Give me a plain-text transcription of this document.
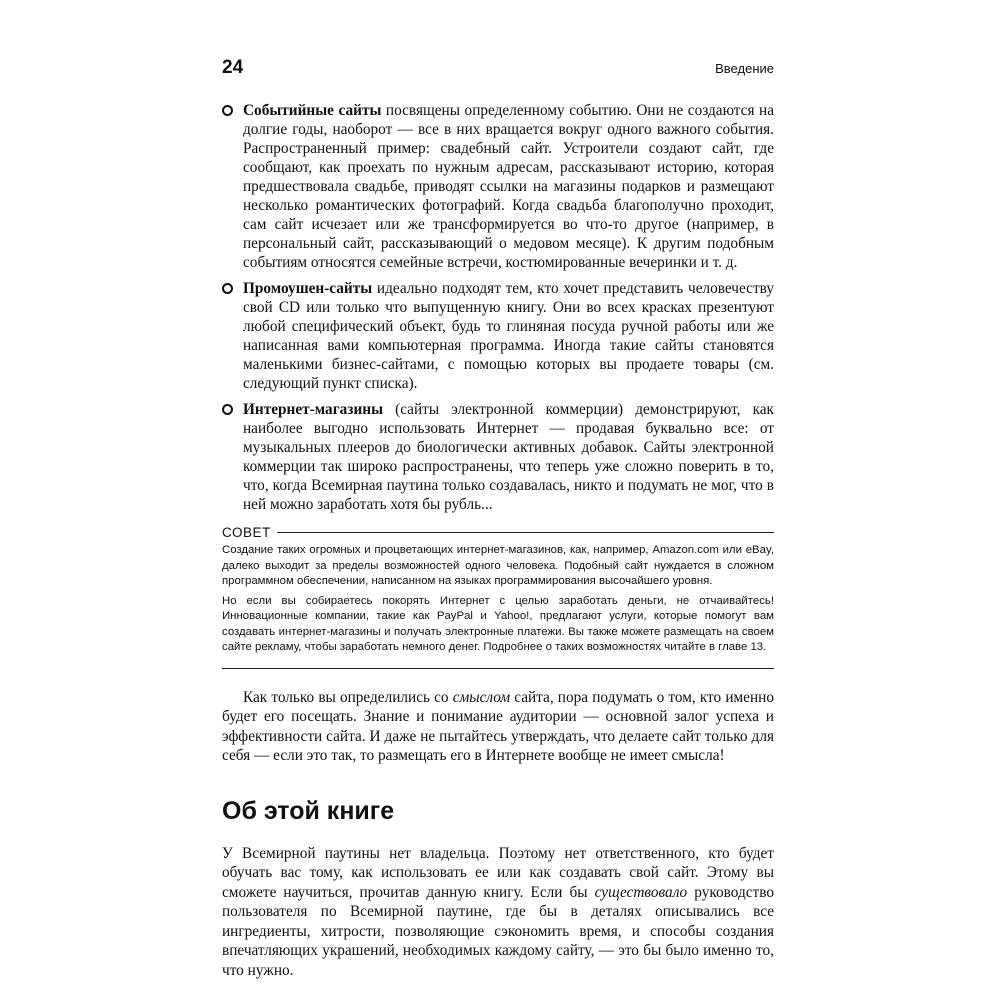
24	Введение
Событийные сайты посвящены определенному событию. Они не создаются на долгие годы, наоборот — все в них вращается вокруг одного важного события. Распространенный пример: свадебный сайт. Устроители создают сайт, где сообщают, как проехать по нужным адресам, рассказывают историю, которая предшествовала свадьбе, приводят ссылки на магазины подарков и размещают несколько романтических фотографий. Когда свадьба благополучно проходит, сам сайт исчезает или же трансформируется во что-то другое (например, в персональный сайт, рассказывающий о медовом месяце). К другим подобным событиям относятся семейные встречи, костюмированные вечеринки и т. д.
Промоушен-сайты идеально подходят тем, кто хочет представить человечеству свой CD или только что выпущенную книгу. Они во всех красках презентуют любой специфический объект, будь то глиняная посуда ручной работы или же написанная вами компьютерная программа. Иногда такие сайты становятся маленькими бизнес-сайтами, с помощью которых вы продаете товары (см. следующий пункт списка).
Интернет-магазины (сайты электронной коммерции) демонстрируют, как наиболее выгодно использовать Интернет — продавая буквально все: от музыкальных плееров до биологически активных добавок. Сайты электронной коммерции так широко распространены, что теперь уже сложно поверить в то, что, когда Всемирная паутина только создавалась, никто и подумать не мог, что в ней можно заработать хотя бы рубль...
СОВЕТ

Создание таких огромных и процветающих интернет-магазинов, как, например, Amazon.com или eBay, далеко выходит за пределы возможностей одного человека. Подобный сайт нуждается в сложном программном обеспечении, написанном на языках программирования высочайшего уровня.

Но если вы собираетесь покорять Интернет с целью заработать деньги, не отчаивайтесь! Инновационные компании, такие как PayPal и Yahoo!, предлагают услуги, которые помогут вам создавать интернет-магазины и получать электронные платежи. Вы также можете размещать на своем сайте рекламу, чтобы заработать немного денег. Подробнее о таких возможностях читайте в главе 13.

Как только вы определились со смыслом сайта, пора подумать о том, кто именно будет его посещать. Знание и понимание аудитории — основной залог успеха и эффективности сайта. И даже не пытайтесь утверждать, что делаете сайт только для себя — если это так, то размещать его в Интернете вообще не имеет смысла!

Об этой книге

У Всемирной паутины нет владельца. Поэтому нет ответственного, кто будет обучать вас тому, как использовать ее или как создавать свой сайт. Этому вы сможете научиться, прочитав данную книгу. Если бы существовало руководство пользователя по Всемирной паутине, где бы в деталях описывались все ингредиенты, хитрости, позволяющие сэкономить время, и способы создания впечатляющих украшений, необходимых каждому сайту, — это бы было именно то, что нужно.
